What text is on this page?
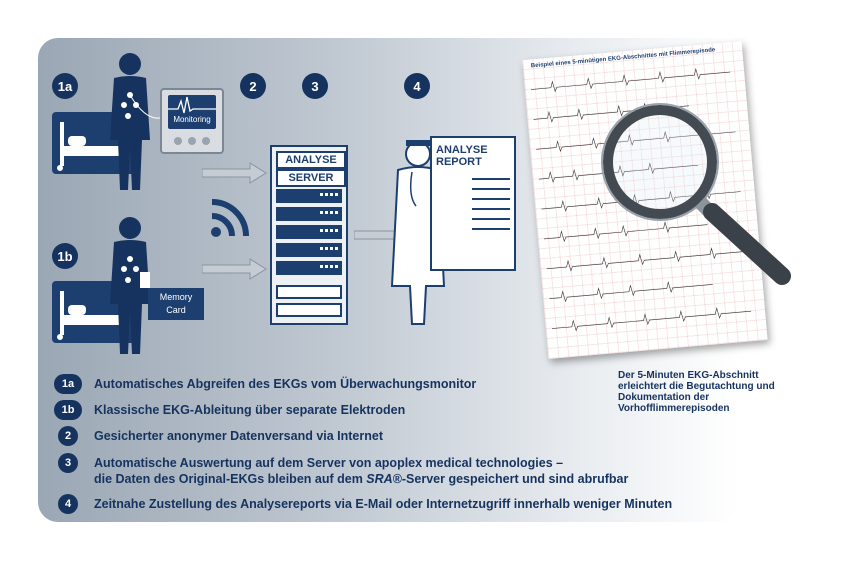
1a	2	3	4
1b
Monitoring
Memory
Card
ANALYSE
SERVER
ANALYSE
REPORT
Beispiel eines 5-minütigen EKG-Abschnittes mit Flimmerepisode
Der 5-Minuten EKG-Abschnitt erleichtert die Begutachtung und Dokumentation der Vorhofflimmerepisoden
1a	Automatisches Abgreifen des EKGs vom Überwachungsmonitor
1b	Klassische EKG-Ableitung über separate Elektroden
2	Gesicherter anonymer Datenversand via Internet
3	Automatische Auswertung auf dem Server von apoplex medical technologies –
die Daten des Original-EKGs bleiben auf dem SRA®-Server gespeichert und sind abrufbar
4	Zeitnahe Zustellung des Analysereports via E-Mail oder Internetzugriff innerhalb weniger Minuten
